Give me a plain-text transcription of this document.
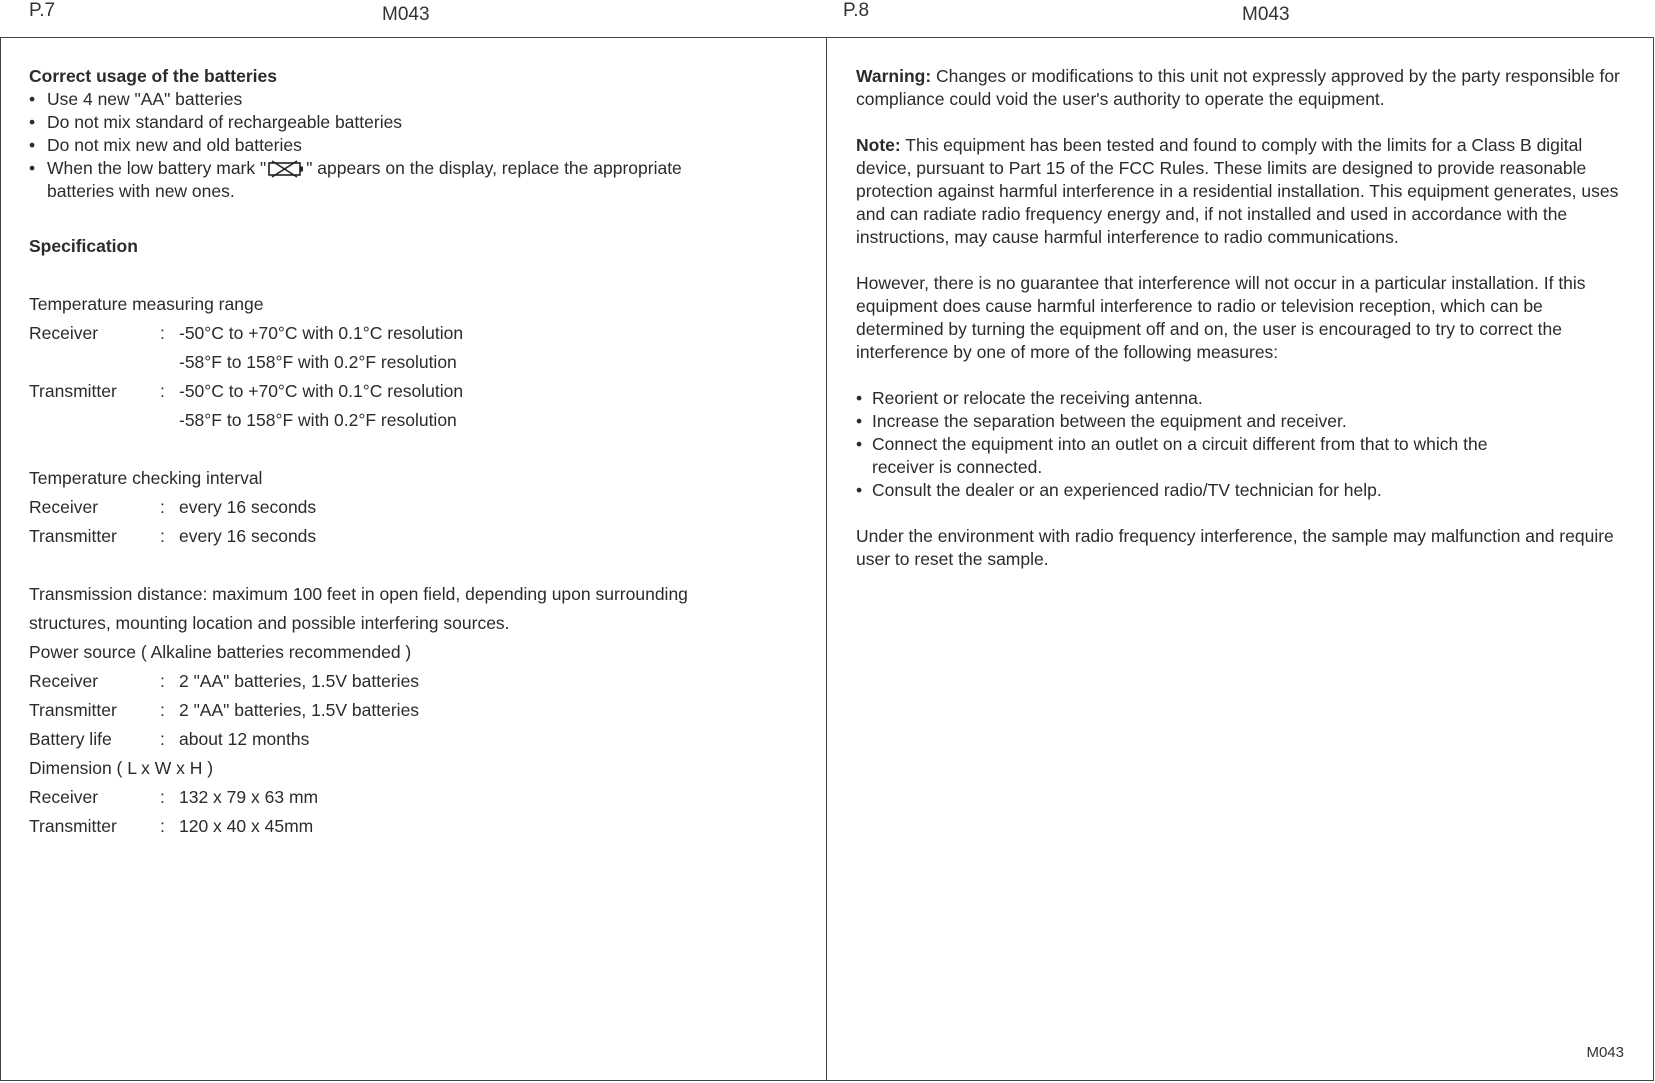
P.7	M043	P.8	M043
Correct usage of the batteries
• Use 4 new "AA" batteries
• Do not mix standard of rechargeable batteries
• Do not mix new and old batteries
• When the low battery mark " " appears on the display, replace the appropriate
batteries with new ones.
Specification
Temperature measuring range
Receiver	: -50°C to +70°C with 0.1°C resolution
-58°F to 158°F with 0.2°F resolution
Transmitter	: -50°C to +70°C with 0.1°C resolution
-58°F to 158°F with 0.2°F resolution
Temperature checking interval
Receiver	: every 16 seconds
Transmitter	: every 16 seconds
Transmission distance: maximum 100 feet in open field, depending upon surrounding
structures, mounting location and possible interfering sources.
Power source ( Alkaline batteries recommended )
Receiver	: 2 "AA" batteries, 1.5V batteries
Transmitter	: 2 "AA" batteries, 1.5V batteries
Battery life	: about 12 months
Dimension ( L x W x H )
Receiver	: 132 x 79 x 63 mm
Transmitter	: 120 x 40 x 45mm
Warning: Changes or modifications to this unit not expressly approved by the party responsible for compliance could void the user's authority to operate the equipment.
Note: This equipment has been tested and found to comply with the limits for a Class B digital device, pursuant to Part 15 of the FCC Rules. These limits are designed to provide reasonable protection against harmful interference in a residential installation. This equipment generates, uses and can radiate radio frequency energy and, if not installed and used in accordance with the instructions, may cause harmful interference to radio communications.
However, there is no guarantee that interference will not occur in a particular installation. If this equipment does cause harmful interference to radio or television reception, which can be determined by turning the equipment off and on, the user is encouraged to try to correct the interference by one of more of the following measures:
• Reorient or relocate the receiving antenna.
• Increase the separation between the equipment and receiver.
• Connect the equipment into an outlet on a circuit different from that to which the receiver is connected.
• Consult the dealer or an experienced radio/TV technician for help.
Under the environment with radio frequency interference, the sample may malfunction and require user to reset the sample.
M043
